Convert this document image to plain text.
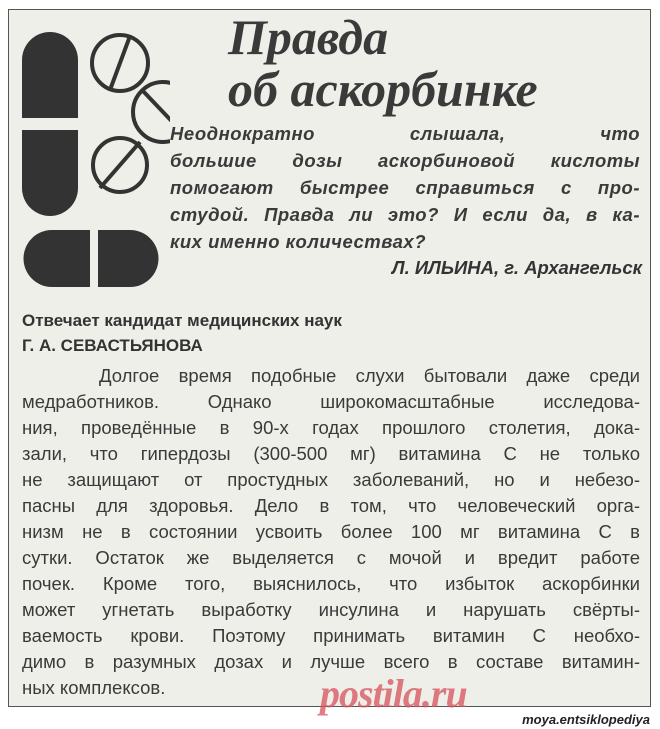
Правда
об аскорбинке
Неоднократно слышала, что
большие дозы аскорбиновой кислоты
помогают быстрее справиться с про-
студой. Правда ли это? И если да, в ка-
ких именно количествах?
Л. ИЛЬИНА, г. Архангельск
Отвечает кандидат медицинских наук
Г. А. СЕВАСТЬЯНОВА
Долгое время подобные слухи бытовали даже среди
медработников. Однако широкомасштабные исследова-
ния, проведённые в 90-х годах прошлого столетия, дока-
зали, что гипердозы (300-500 мг) витамина С не только
не защищают от простудных заболеваний, но и небезо-
пасны для здоровья. Дело в том, что человеческий орга-
низм не в состоянии усвоить более 100 мг витамина С в
сутки. Остаток же выделяется с мочой и вредит работе
почек. Кроме того, выяснилось, что избыток аскорбинки
может угнетать выработку инсулина и нарушать свёрты-
ваемость крови. Поэтому принимать витамин С необхо-
димо в разумных дозах и лучше всего в составе витамин-
ных комплексов.	postila.ru
moya.entsiklopediya
